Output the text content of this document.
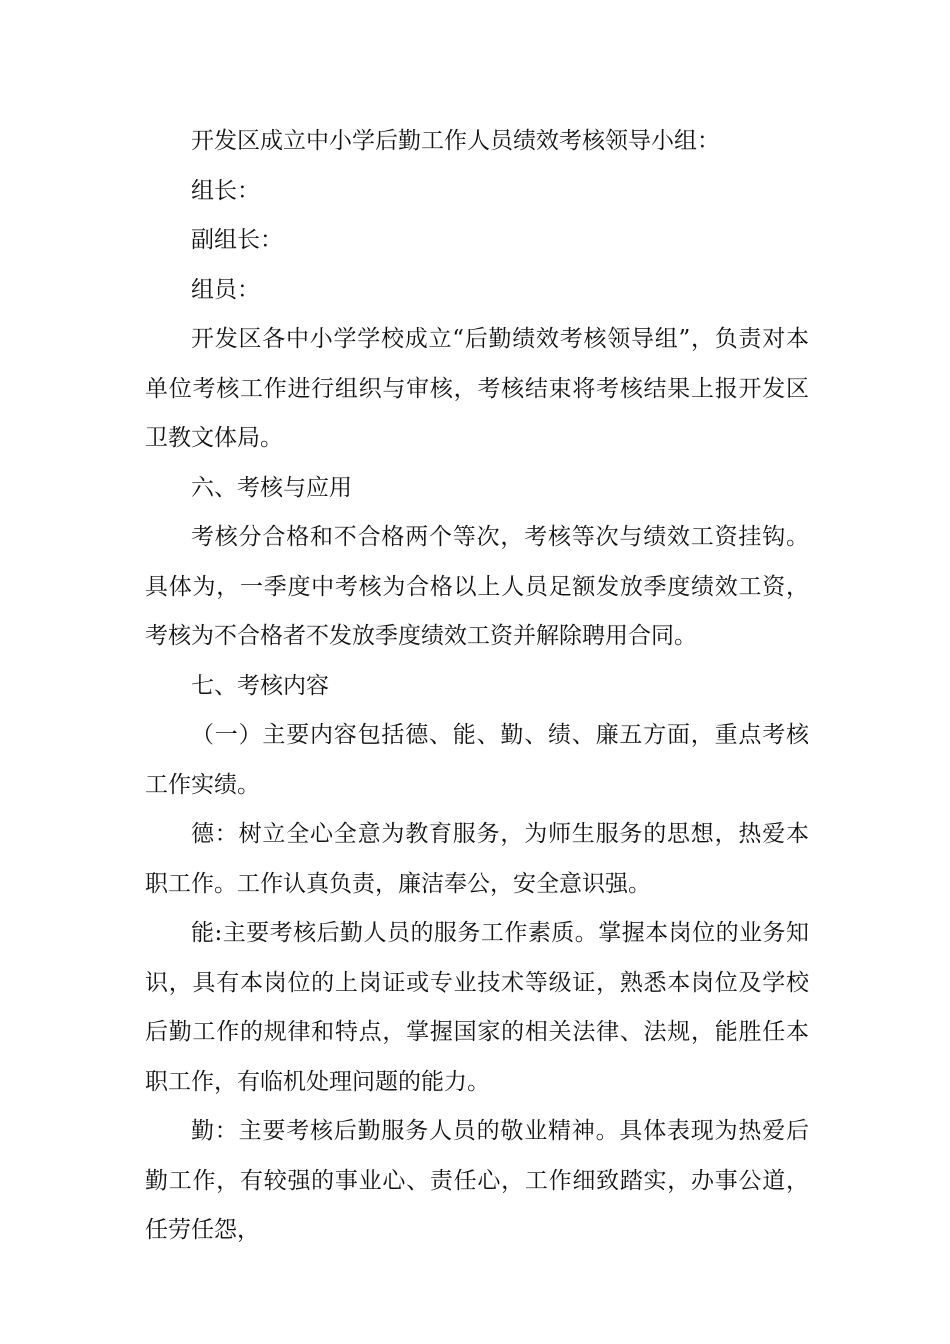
开发区成立中小学后勤工作人员绩效考核领导小组：

组长：

副组长：

组员：

开发区各中小学学校成立“后勤绩效考核领导组”，负责对本单位考核工作进行组织与审核，考核结束将考核结果上报开发区卫教文体局。

六、考核与应用

考核分合格和不合格两个等次，考核等次与绩效工资挂钩。具体为，一季度中考核为合格以上人员足额发放季度绩效工资，考核为不合格者不发放季度绩效工资并解除聘用合同。

七、考核内容

（一）主要内容包括德、能、勤、绩、廉五方面，重点考核工作实绩。

德：树立全心全意为教育服务，为师生服务的思想，热爱本职工作。工作认真负责，廉洁奉公，安全意识强。

能:主要考核后勤人员的服务工作素质。掌握本岗位的业务知识，具有本岗位的上岗证或专业技术等级证，熟悉本岗位及学校后勤工作的规律和特点，掌握国家的相关法律、法规，能胜任本职工作，有临机处理问题的能力。

勤：主要考核后勤服务人员的敬业精神。具体表现为热爱后勤工作，有较强的事业心、责任心，工作细致踏实，办事公道，任劳任怨，
